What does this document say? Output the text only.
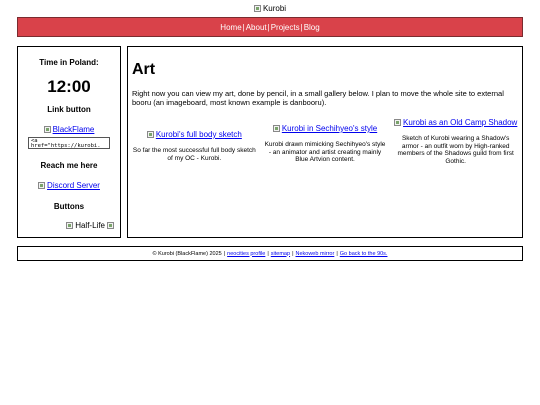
Kurobi
Home | About | Projects | Blog
Time in Poland:
12:00
Link button
BlackFlame
<a
href="https://kurobi.
Reach me here
Discord Server
Buttons
Half-Life
Art

Right now you can view my art, done by pencil, in a small gallery below. I plan to move the whole site to external booru (an imageboard, most known example is danbooru).

Kurobi's full body sketch
So far the most successful full body sketch of my OC - Kurobi.
Kurobi in Sechihyeo's style
Kurobi drawn mimicking Sechihyeo's style - an animator and artist creating mainly Blue Artvion content.
Kurobi as an Old Camp Shadow
Sketch of Kurobi wearing a Shadow's armor - an outfit worn by High-ranked members of the Shadows guild from first Gothic.
© Kurobi (BlackFlame) 2025 | neocities profile | sitemap | Nekoweb mirror | Go back to the 90s.
